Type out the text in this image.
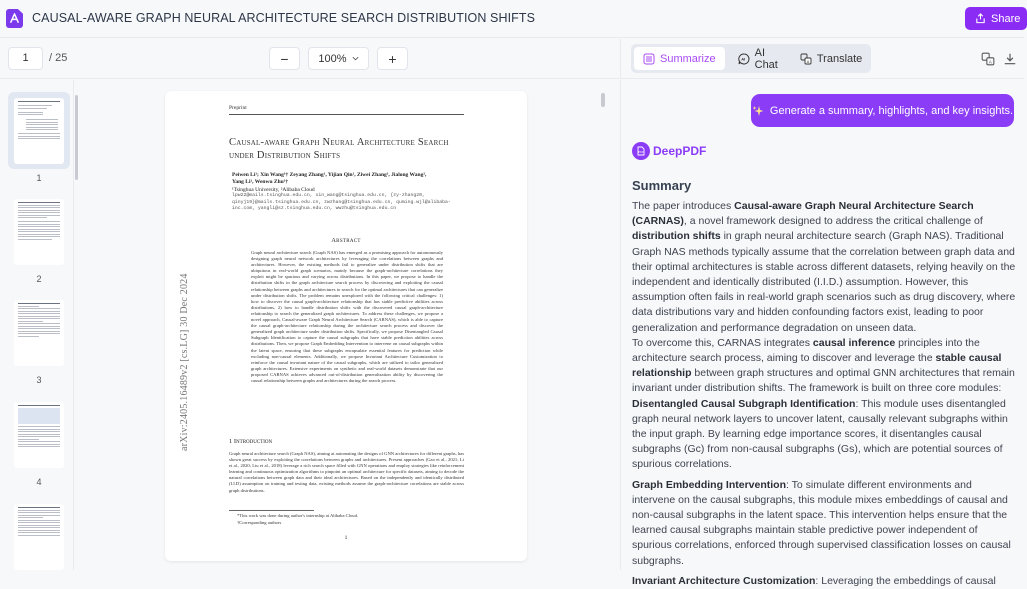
CAUSAL-AWARE GRAPH NEURAL ARCHITECTURE SEARCH DISTRIBUTION SHIFTS	Share
1	/ 25	−	100%	+	Summarize	AI
AI Chat	A Translate	A
1
2
3
4
Preprint
Causal-aware Graph Neural Architecture Search under Distribution Shifts
Peiwen Li¹; Xin Wang¹† Zeyang Zhang¹, Yijian Qin¹, Ziwei Zhang¹, Jialong Wang², Yang Li¹, Wenwu Zhu¹†
¹Tsinghua University, ²Alibaba Cloud
lpw22@mails.tsinghua.edu.cn, xin_wang@tsinghua.edu.cn, {zy-zhang20, qinyj19}@mails.tsinghua.edu.cn, zwzhang@tsinghua.edu.cn, quming.wjl@alibaba-inc.com, yangli@sz.tsinghua.edu.cn, wwzhu@tsinghua.edu.cn
arXiv:2405.16489v2 [cs.LG] 30 Dec 2024
Abstract
Graph neural architecture search (Graph NAS) has emerged as a promising approach for autonomously designing graph neural network architectures by leveraging the correlations between graphs and architectures. However, the existing methods fail to generalize under distribution shifts that are ubiquitous in real-world graph scenarios, mainly because the graph-architecture correlations they exploit might be spurious and varying across distributions. In this paper, we propose to handle the distribution shifts in the graph architecture search process by discovering and exploiting the causal relationship between graphs and architectures to search for the optimal architectures that can generalize under distribution shifts. The problem remains unexplored with the following critical challenges: 1) how to discover the causal graph-architecture relationship that has stable predictive abilities across distributions, 2) how to handle distribution shifts with the discovered causal graph-architecture relationship to search the generalized graph architectures. To address these challenges, we propose a novel approach, Causal-aware Graph Neural Architecture Search (CARNAS), which is able to capture the causal graph-architecture relationship during the architecture search process and discover the generalized graph architecture under distribution shifts. Specifically, we propose Disentangled Causal Subgraph Identification to capture the causal subgraphs that have stable prediction abilities across distributions. Then, we propose Graph Embedding Intervention to intervene on causal subgraphs within the latent space, ensuring that these subgraphs encapsulate essential features for prediction while excluding non-causal elements. Additionally, we propose Invariant Architecture Customization to reinforce the causal invariant nature of the causal subgraphs, which are utilized to tailor generalized graph architectures. Extensive experiments on synthetic and real-world datasets demonstrate that our proposed CARNAS achieves advanced out-of-distribution generalization ability by discovering the causal relationship between graphs and architectures during the search process.
1 Introduction
Graph neural architecture search (Graph NAS), aiming at automating the designs of GNN architectures for different graphs, has shown great success by exploiting the correlations between graphs and architectures. Present approaches (Gao et al., 2021; Li et al., 2020; Liu et al., 2018) leverage a rich search space filled with GNN operations and employ strategies like reinforcement learning and continuous optimization algorithms to pinpoint an optimal architecture for specific datasets, aiming to decode the natural correlations between graph data and their ideal architectures. Based on the independently and identically distributed (I.I.D) assumption on training and testing data, existing methods assume the graph-architecture correlations are stable across graph distributions.
*This work was done during author's internship at Alibaba Cloud.
†Corresponding authors
1
Generate a summary, highlights, and key insights.
PDF DeepPDF
Summary

The paper introduces Causal-aware Graph Neural Architecture Search (CARNAS), a novel framework designed to address the critical challenge of distribution shifts in graph neural architecture search (Graph NAS). Traditional Graph NAS methods typically assume that the correlation between graph data and their optimal architectures is stable across different datasets, relying heavily on the independent and identically distributed (I.I.D.) assumption. However, this assumption often fails in real-world graph scenarios such as drug discovery, where data distributions vary and hidden confounding factors exist, leading to poor generalization and performance degradation on unseen data.

To overcome this, CARNAS integrates causal inference principles into the architecture search process, aiming to discover and leverage the stable causal relationship between graph structures and optimal GNN architectures that remain invariant under distribution shifts. The framework is built on three core modules:

Disentangled Causal Subgraph Identification: This module uses disentangled graph neural network layers to uncover latent, causally relevant subgraphs within the input graph. By learning edge importance scores, it disentangles causal subgraphs (Gc) from non-causal subgraphs (Gs), which are potential sources of spurious correlations.

Graph Embedding Intervention: To simulate different environments and intervene on the causal subgraphs, this module mixes embeddings of causal and non-causal subgraphs in the latent space. This intervention helps ensure that the learned causal subgraphs maintain stable predictive power independent of spurious correlations, enforced through supervised classification losses on causal subgraphs.

Invariant Architecture Customization: Leveraging the embeddings of causal
